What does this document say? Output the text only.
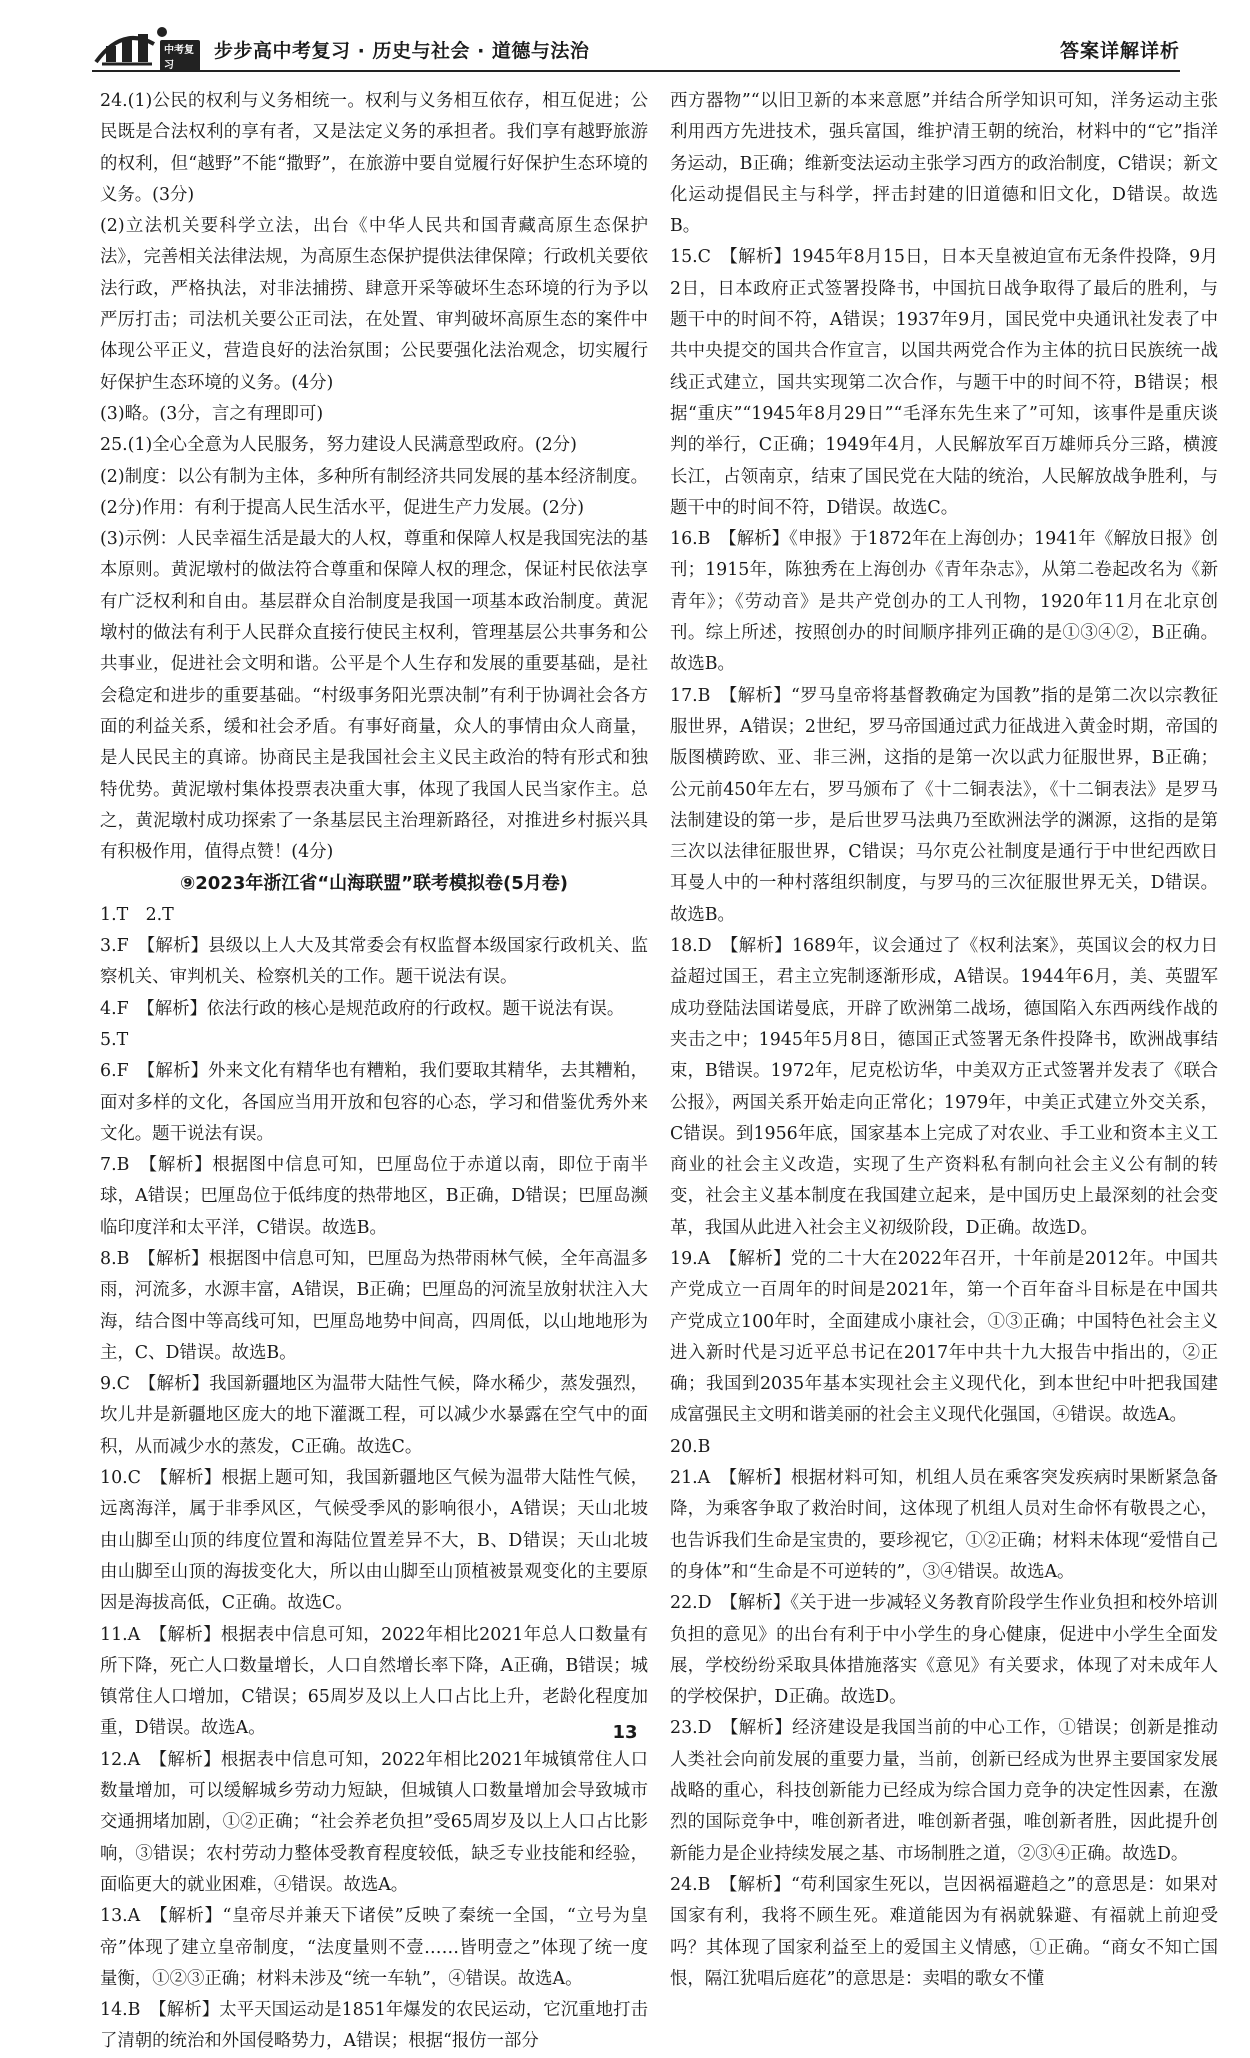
中考复习
步步高中考复习 · 历史与社会 · 道德与法治	答案详解详析

24.(1)公民的权利与义务相统一。权利与义务相互依存，相互促进；公民既是合法权利的享有者，又是法定义务的承担者。我们享有越野旅游的权利，但“越野”不能“撒野”，在旅游中要自觉履行好保护生态环境的义务。(3分)

(2)立法机关要科学立法，出台《中华人民共和国青藏高原生态保护法》，完善相关法律法规，为高原生态保护提供法律保障；行政机关要依法行政，严格执法，对非法捕捞、肆意开采等破坏生态环境的行为予以严厉打击；司法机关要公正司法，在处置、审判破坏高原生态的案件中体现公平正义，营造良好的法治氛围；公民要强化法治观念，切实履行好保护生态环境的义务。(4分)

(3)略。(3分，言之有理即可)

25.(1)全心全意为人民服务，努力建设人民满意型政府。(2分)

(2)制度：以公有制为主体，多种所有制经济共同发展的基本经济制度。(2分)作用：有利于提高人民生活水平，促进生产力发展。(2分)

(3)示例：人民幸福生活是最大的人权，尊重和保障人权是我国宪法的基本原则。黄泥墩村的做法符合尊重和保障人权的理念，保证村民依法享有广泛权利和自由。基层群众自治制度是我国一项基本政治制度。黄泥墩村的做法有利于人民群众直接行使民主权利，管理基层公共事务和公共事业，促进社会文明和谐。公平是个人生存和发展的重要基础，是社会稳定和进步的重要基础。“村级事务阳光票决制”有利于协调社会各方面的利益关系，缓和社会矛盾。有事好商量，众人的事情由众人商量，是人民民主的真谛。协商民主是我国社会主义民主政治的特有形式和独特优势。黄泥墩村集体投票表决重大事，体现了我国人民当家作主。总之，黄泥墩村成功探索了一条基层民主治理新路径，对推进乡村振兴具有积极作用，值得点赞！(4分)

⑨2023年浙江省“山海联盟”联考模拟卷(5月卷)

1.T　2.T

3.F　【解析】县级以上人大及其常委会有权监督本级国家行政机关、监察机关、审判机关、检察机关的工作。题干说法有误。

4.F　【解析】依法行政的核心是规范政府的行政权。题干说法有误。

5.T

6.F　【解析】外来文化有精华也有糟粕，我们要取其精华，去其糟粕，面对多样的文化，各国应当用开放和包容的心态，学习和借鉴优秀外来文化。题干说法有误。

7.B　【解析】根据图中信息可知，巴厘岛位于赤道以南，即位于南半球，A错误；巴厘岛位于低纬度的热带地区，B正确，D错误；巴厘岛濒临印度洋和太平洋，C错误。故选B。

8.B　【解析】根据图中信息可知，巴厘岛为热带雨林气候，全年高温多雨，河流多，水源丰富，A错误，B正确；巴厘岛的河流呈放射状注入大海，结合图中等高线可知，巴厘岛地势中间高，四周低，以山地地形为主，C、D错误。故选B。

9.C　【解析】我国新疆地区为温带大陆性气候，降水稀少，蒸发强烈，坎儿井是新疆地区庞大的地下灌溉工程，可以减少水暴露在空气中的面积，从而减少水的蒸发，C正确。故选C。

10.C　【解析】根据上题可知，我国新疆地区气候为温带大陆性气候，远离海洋，属于非季风区，气候受季风的影响很小，A错误；天山北坡由山脚至山顶的纬度位置和海陆位置差异不大，B、D错误；天山北坡由山脚至山顶的海拔变化大，所以由山脚至山顶植被景观变化的主要原因是海拔高低，C正确。故选C。

11.A　【解析】根据表中信息可知，2022年相比2021年总人口数量有所下降，死亡人口数量增长，人口自然增长率下降，A正确，B错误；城镇常住人口增加，C错误；65周岁及以上人口占比上升，老龄化程度加重，D错误。故选A。

12.A　【解析】根据表中信息可知，2022年相比2021年城镇常住人口数量增加，可以缓解城乡劳动力短缺，但城镇人口数量增加会导致城市交通拥堵加剧，①②正确；“社会养老负担”受65周岁及以上人口占比影响，③错误；农村劳动力整体受教育程度较低，缺乏专业技能和经验，面临更大的就业困难，④错误。故选A。

13.A　【解析】“皇帝尽并兼天下诸侯”反映了秦统一全国，“立号为皇帝”体现了建立皇帝制度，“法度量则不壹……皆明壹之”体现了统一度量衡，①②③正确；材料未涉及“统一车轨”，④错误。故选A。

14.B　【解析】太平天国运动是1851年爆发的农民运动，它沉重地打击了清朝的统治和外国侵略势力，A错误；根据“报仿一部分

西方器物”“以旧卫新的本来意愿”并结合所学知识可知，洋务运动主张利用西方先进技术，强兵富国，维护清王朝的统治，材料中的“它”指洋务运动，B正确；维新变法运动主张学习西方的政治制度，C错误；新文化运动提倡民主与科学，抨击封建的旧道德和旧文化，D错误。故选B。

15.C　【解析】1945年8月15日，日本天皇被迫宣布无条件投降，9月2日，日本政府正式签署投降书，中国抗日战争取得了最后的胜利，与题干中的时间不符，A错误；1937年9月，国民党中央通讯社发表了中共中央提交的国共合作宣言，以国共两党合作为主体的抗日民族统一战线正式建立，国共实现第二次合作，与题干中的时间不符，B错误；根据“重庆”“1945年8月29日”“毛泽东先生来了”可知，该事件是重庆谈判的举行，C正确；1949年4月，人民解放军百万雄师兵分三路，横渡长江，占领南京，结束了国民党在大陆的统治，人民解放战争胜利，与题干中的时间不符，D错误。故选C。

16.B　【解析】《申报》于1872年在上海创办；1941年《解放日报》创刊；1915年，陈独秀在上海创办《青年杂志》，从第二卷起改名为《新青年》；《劳动音》是共产党创办的工人刊物，1920年11月在北京创刊。综上所述，按照创办的时间顺序排列正确的是①③④②，B正确。故选B。

17.B　【解析】“罗马皇帝将基督教确定为国教”指的是第二次以宗教征服世界，A错误；2世纪，罗马帝国通过武力征战进入黄金时期，帝国的版图横跨欧、亚、非三洲，这指的是第一次以武力征服世界，B正确；公元前450年左右，罗马颁布了《十二铜表法》，《十二铜表法》是罗马法制建设的第一步，是后世罗马法典乃至欧洲法学的渊源，这指的是第三次以法律征服世界，C错误；马尔克公社制度是通行于中世纪西欧日耳曼人中的一种村落组织制度，与罗马的三次征服世界无关，D错误。故选B。

18.D　【解析】1689年，议会通过了《权利法案》，英国议会的权力日益超过国王，君主立宪制逐渐形成，A错误。1944年6月，美、英盟军成功登陆法国诺曼底，开辟了欧洲第二战场，德国陷入东西两线作战的夹击之中；1945年5月8日，德国正式签署无条件投降书，欧洲战事结束，B错误。1972年，尼克松访华，中美双方正式签署并发表了《联合公报》，两国关系开始走向正常化；1979年，中美正式建立外交关系，C错误。到1956年底，国家基本上完成了对农业、手工业和资本主义工商业的社会主义改造，实现了生产资料私有制向社会主义公有制的转变，社会主义基本制度在我国建立起来，是中国历史上最深刻的社会变革，我国从此进入社会主义初级阶段，D正确。故选D。

19.A　【解析】党的二十大在2022年召开，十年前是2012年。中国共产党成立一百周年的时间是2021年，第一个百年奋斗目标是在中国共产党成立100年时，全面建成小康社会，①③正确；中国特色社会主义进入新时代是习近平总书记在2017年中共十九大报告中指出的，②正确；我国到2035年基本实现社会主义现代化，到本世纪中叶把我国建成富强民主文明和谐美丽的社会主义现代化强国，④错误。故选A。

20.B

21.A　【解析】根据材料可知，机组人员在乘客突发疾病时果断紧急备降，为乘客争取了救治时间，这体现了机组人员对生命怀有敬畏之心，也告诉我们生命是宝贵的，要珍视它，①②正确；材料未体现“爱惜自己的身体”和“生命是不可逆转的”，③④错误。故选A。

22.D　【解析】《关于进一步减轻义务教育阶段学生作业负担和校外培训负担的意见》的出台有利于中小学生的身心健康，促进中小学生全面发展，学校纷纷采取具体措施落实《意见》有关要求，体现了对未成年人的学校保护，D正确。故选D。

23.D　【解析】经济建设是我国当前的中心工作，①错误；创新是推动人类社会向前发展的重要力量，当前，创新已经成为世界主要国家发展战略的重心，科技创新能力已经成为综合国力竞争的决定性因素，在激烈的国际竞争中，唯创新者进，唯创新者强，唯创新者胜，因此提升创新能力是企业持续发展之基、市场制胜之道，②③④正确。故选D。

24.B　【解析】“苟利国家生死以，岂因祸福避趋之”的意思是：如果对国家有利，我将不顾生死。难道能因为有祸就躲避、有福就上前迎受吗？其体现了国家利益至上的爱国主义情感，①正确。“商女不知亡国恨，隔江犹唱后庭花”的意思是：卖唱的歌女不懂

13
